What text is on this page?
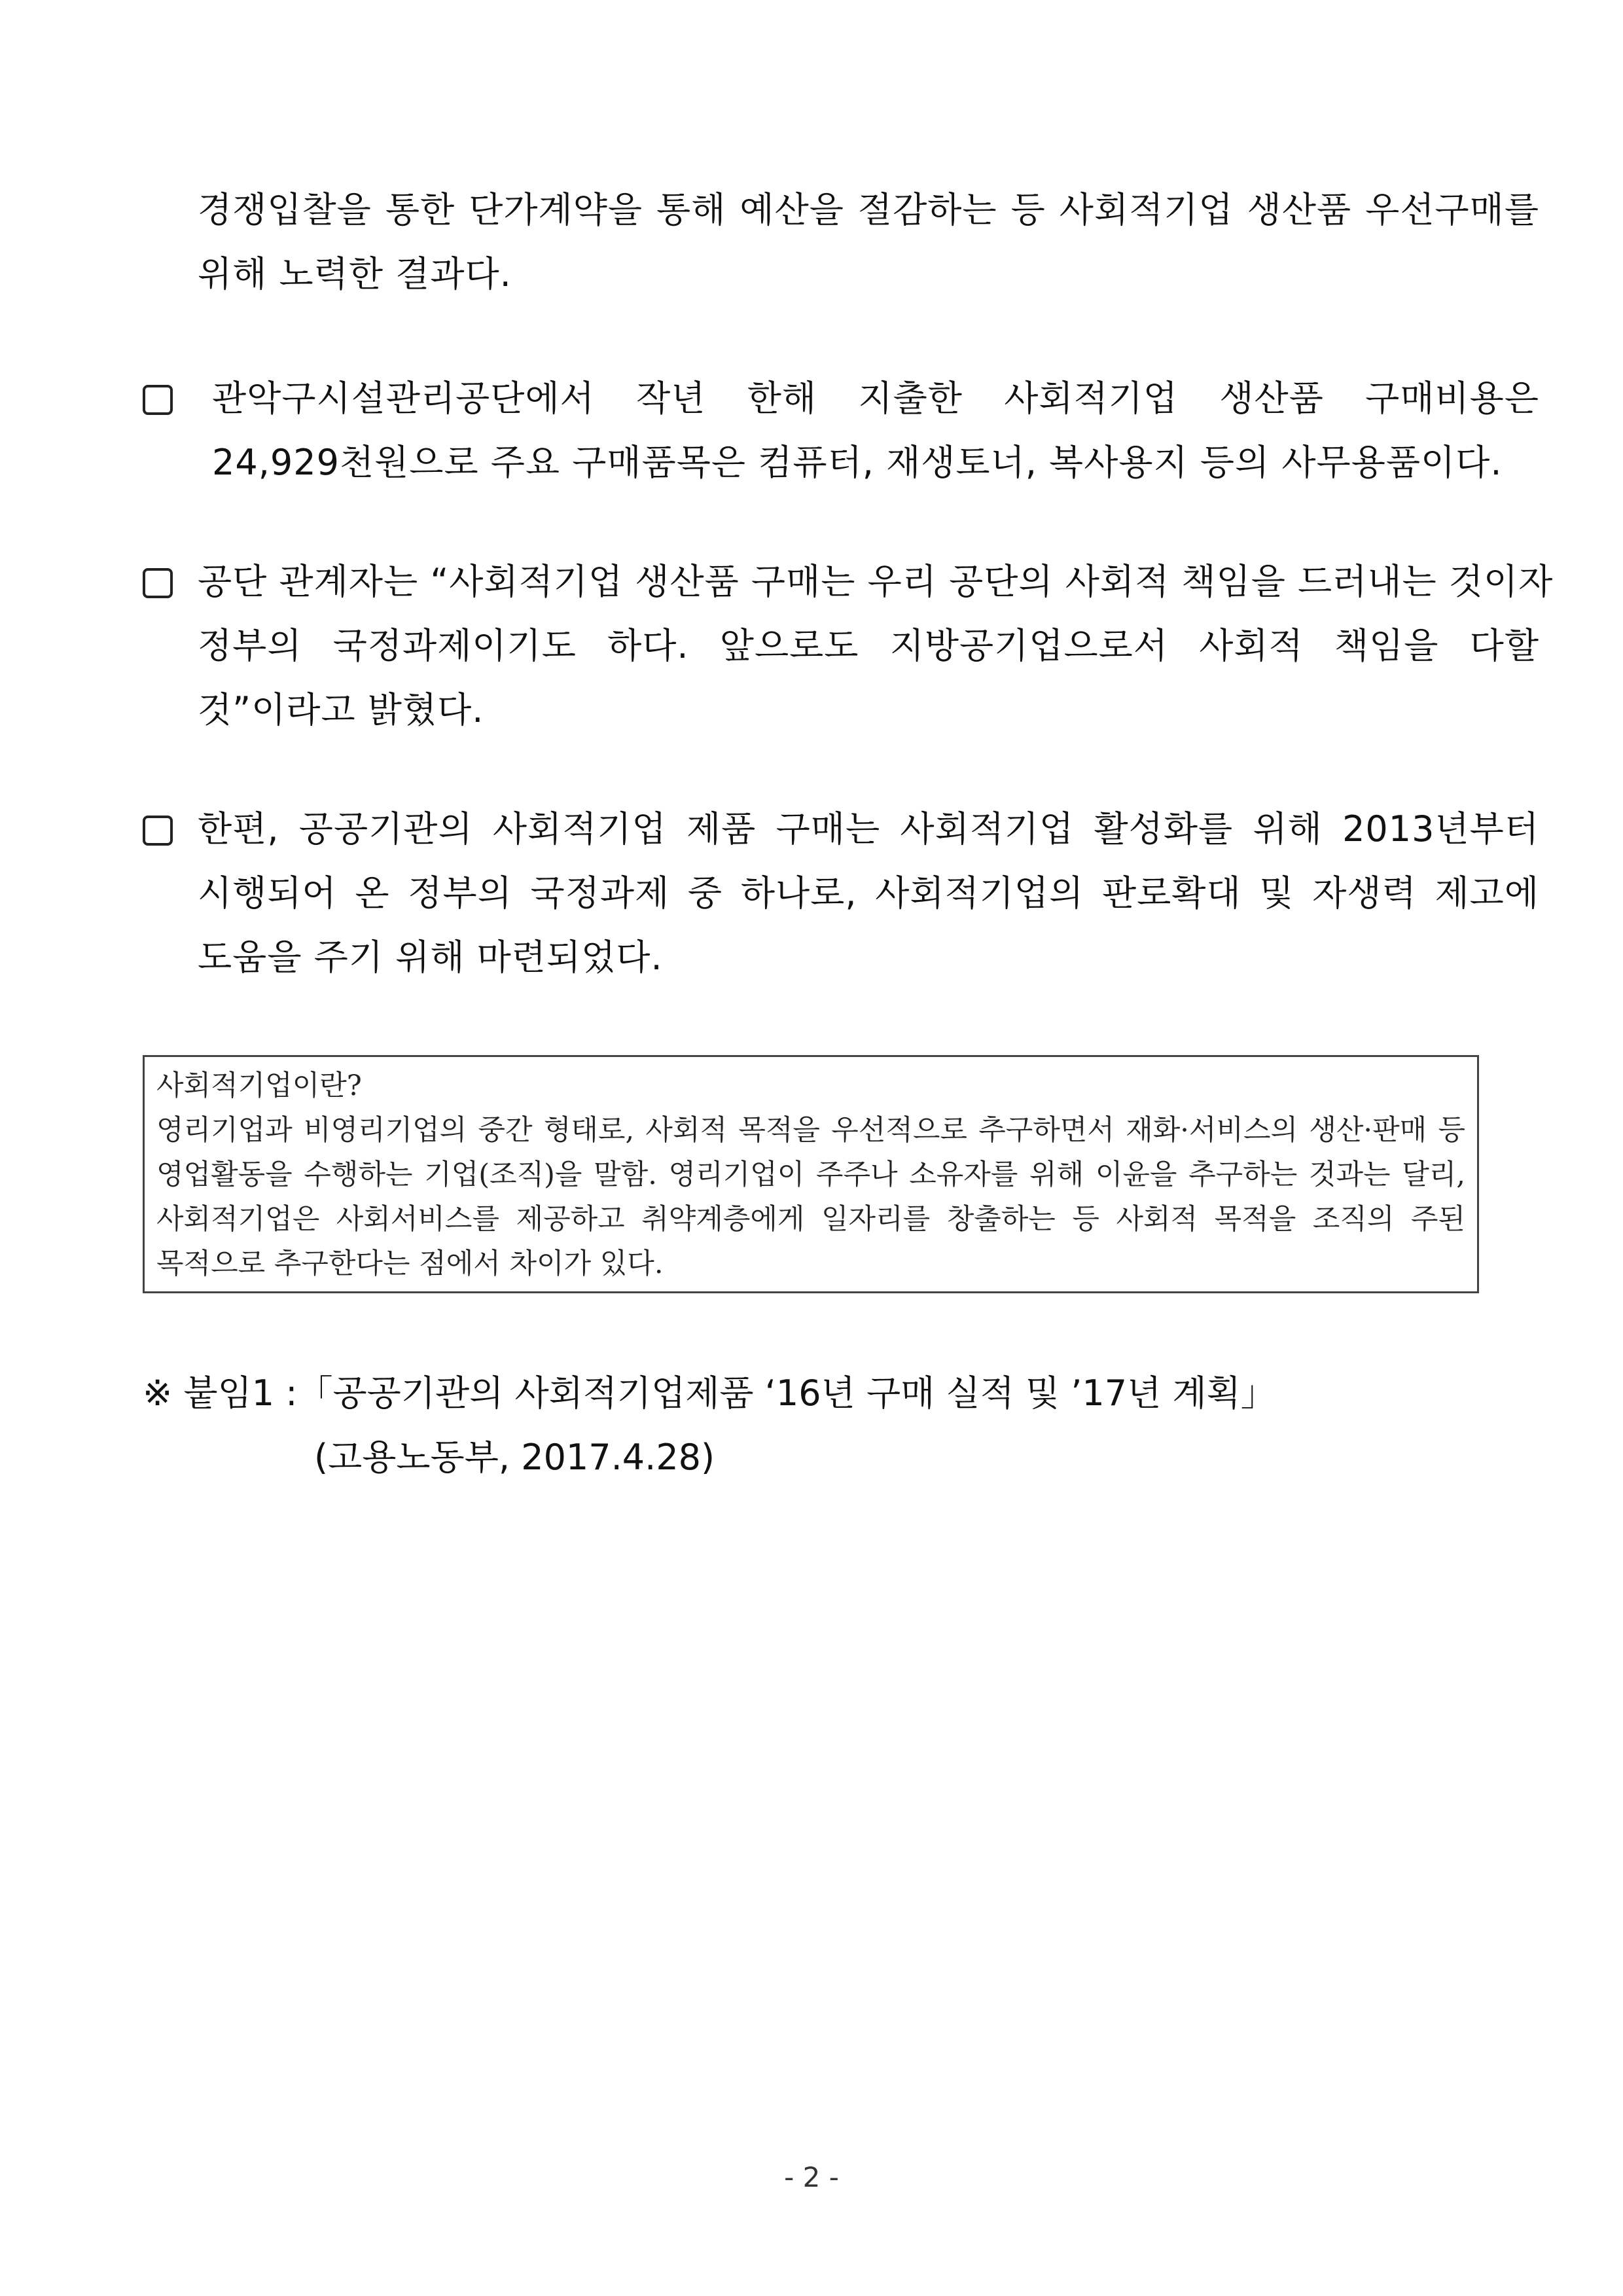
경쟁입찰을 통한 단가계약을 통해 예산을 절감하는 등 사회적기업 생산품 우선구매를
위해 노력한 결과다.
관악구시설관리공단에서 작년 한해 지출한 사회적기업 생산품 구매비용은
24,929천원으로 주요 구매품목은 컴퓨터, 재생토너, 복사용지 등의 사무용품이다.
공단 관계자는 “사회적기업 생산품 구매는 우리 공단의 사회적 책임을 드러내는 것이자
정부의 국정과제이기도 하다. 앞으로도 지방공기업으로서 사회적 책임을 다할
것”이라고 밝혔다.
한편, 공공기관의 사회적기업 제품 구매는 사회적기업 활성화를 위해 2013년부터
시행되어 온 정부의 국정과제 중 하나로, 사회적기업의 판로확대 및 자생력 제고에
도움을 주기 위해 마련되었다.
사회적기업이란?
영리기업과 비영리기업의 중간 형태로, 사회적 목적을 우선적으로 추구하면서 재화·서비스의 생산·판매 등
영업활동을 수행하는 기업(조직)을 말함. 영리기업이 주주나 소유자를 위해 이윤을 추구하는 것과는 달리,
사회적기업은 사회서비스를 제공하고 취약계층에게 일자리를 창출하는 등 사회적 목적을 조직의 주된
목적으로 추구한다는 점에서 차이가 있다.
※ 붙임1 :「공공기관의 사회적기업제품 ‘16년 구매 실적 및 ’17년 계획」
(고용노동부, 2017.4.28)
- 2 -
